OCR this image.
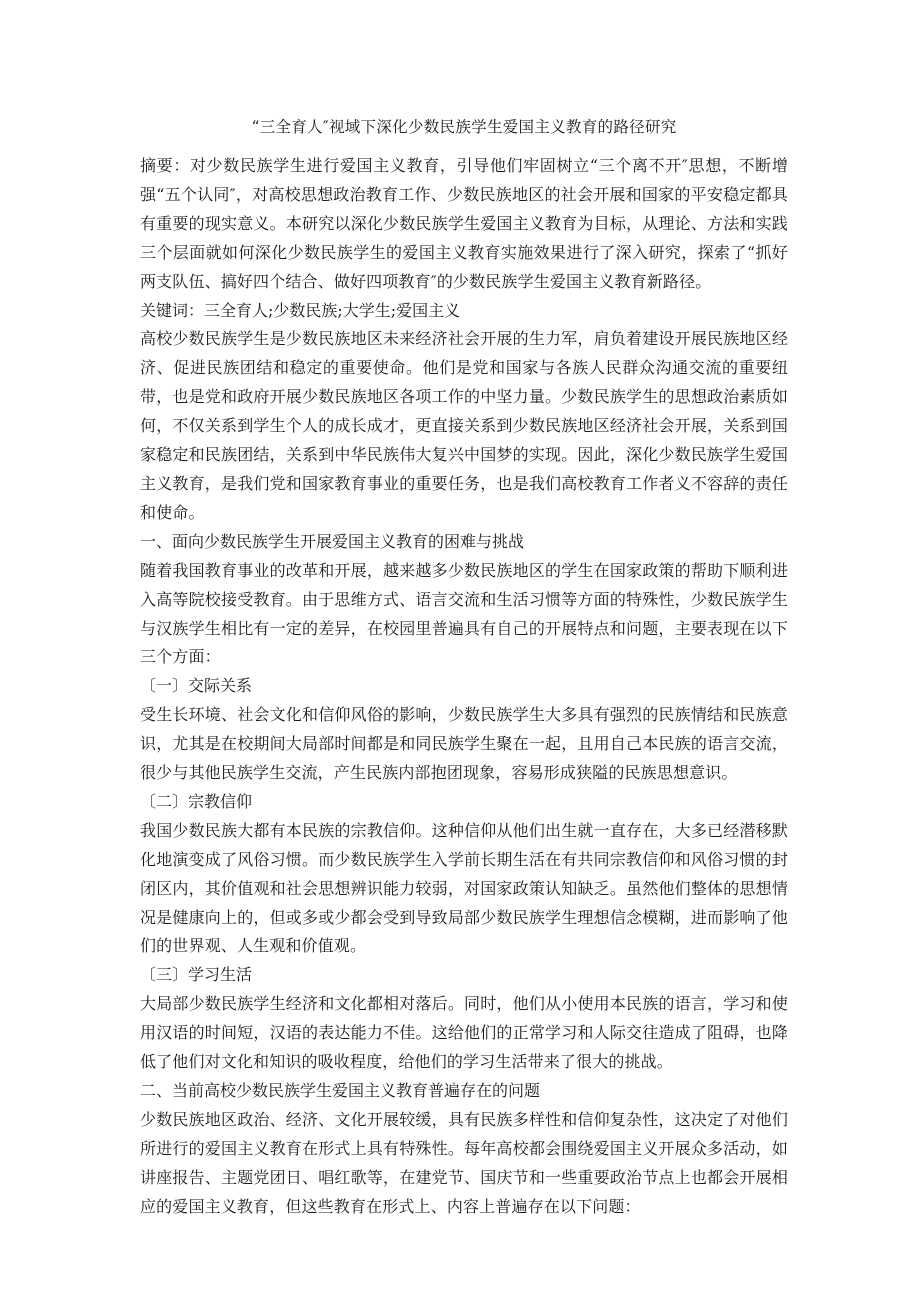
“三全育人″视域下深化少数民族学生爱国主义教育的路径研究

摘要：对少数民族学生进行爱国主义教育，引导他们牢固树立“三个离不开″思想，不断增强“五个认同″，对高校思想政治教育工作、少数民族地区的社会开展和国家的平安稳定都具有重要的现实意义。本研究以深化少数民族学生爱国主义教育为目标，从理论、方法和实践三个层面就如何深化少数民族学生的爱国主义教育实施效果进行了深入研究，探索了“抓好两支队伍、搞好四个结合、做好四项教育″的少数民族学生爱国主义教育新路径。

关键词：三全育人;少数民族;大学生;爱国主义

高校少数民族学生是少数民族地区未来经济社会开展的生力军，肩负着建设开展民族地区经济、促进民族团结和稳定的重要使命。他们是党和国家与各族人民群众沟通交流的重要纽带，也是党和政府开展少数民族地区各项工作的中坚力量。少数民族学生的思想政治素质如何，不仅关系到学生个人的成长成才，更直接关系到少数民族地区经济社会开展，关系到国家稳定和民族团结，关系到中华民族伟大复兴中国梦的实现。因此，深化少数民族学生爱国主义教育，是我们党和国家教育事业的重要任务，也是我们高校教育工作者义不容辞的责任和使命。

一、面向少数民族学生开展爱国主义教育的困难与挑战

随着我国教育事业的改革和开展，越来越多少数民族地区的学生在国家政策的帮助下顺利进入高等院校接受教育。由于思维方式、语言交流和生活习惯等方面的特殊性，少数民族学生与汉族学生相比有一定的差异，在校园里普遍具有自己的开展特点和问题，主要表现在以下三个方面：

〔一〕交际关系

受生长环境、社会文化和信仰风俗的影响，少数民族学生大多具有强烈的民族情结和民族意识，尤其是在校期间大局部时间都是和同民族学生聚在一起，且用自己本民族的语言交流，很少与其他民族学生交流，产生民族内部抱团现象，容易形成狭隘的民族思想意识。

〔二〕宗教信仰

我国少数民族大都有本民族的宗教信仰。这种信仰从他们出生就一直存在，大多已经潜移默化地演变成了风俗习惯。而少数民族学生入学前长期生活在有共同宗教信仰和风俗习惯的封闭区内，其价值观和社会思想辨识能力较弱，对国家政策认知缺乏。虽然他们整体的思想情况是健康向上的，但或多或少都会受到导致局部少数民族学生理想信念模糊，进而影响了他们的世界观、人生观和价值观。

〔三〕学习生活

大局部少数民族学生经济和文化都相对落后。同时，他们从小使用本民族的语言，学习和使用汉语的时间短，汉语的表达能力不佳。这给他们的正常学习和人际交往造成了阻碍，也降低了他们对文化和知识的吸收程度，给他们的学习生活带来了很大的挑战。

二、当前高校少数民族学生爱国主义教育普遍存在的问题

少数民族地区政治、经济、文化开展较缓，具有民族多样性和信仰复杂性，这决定了对他们所进行的爱国主义教育在形式上具有特殊性。每年高校都会围绕爱国主义开展众多活动，如讲座报告、主题党团日、唱红歌等，在建党节、国庆节和一些重要政治节点上也都会开展相应的爱国主义教育，但这些教育在形式上、内容上普遍存在以下问题：
